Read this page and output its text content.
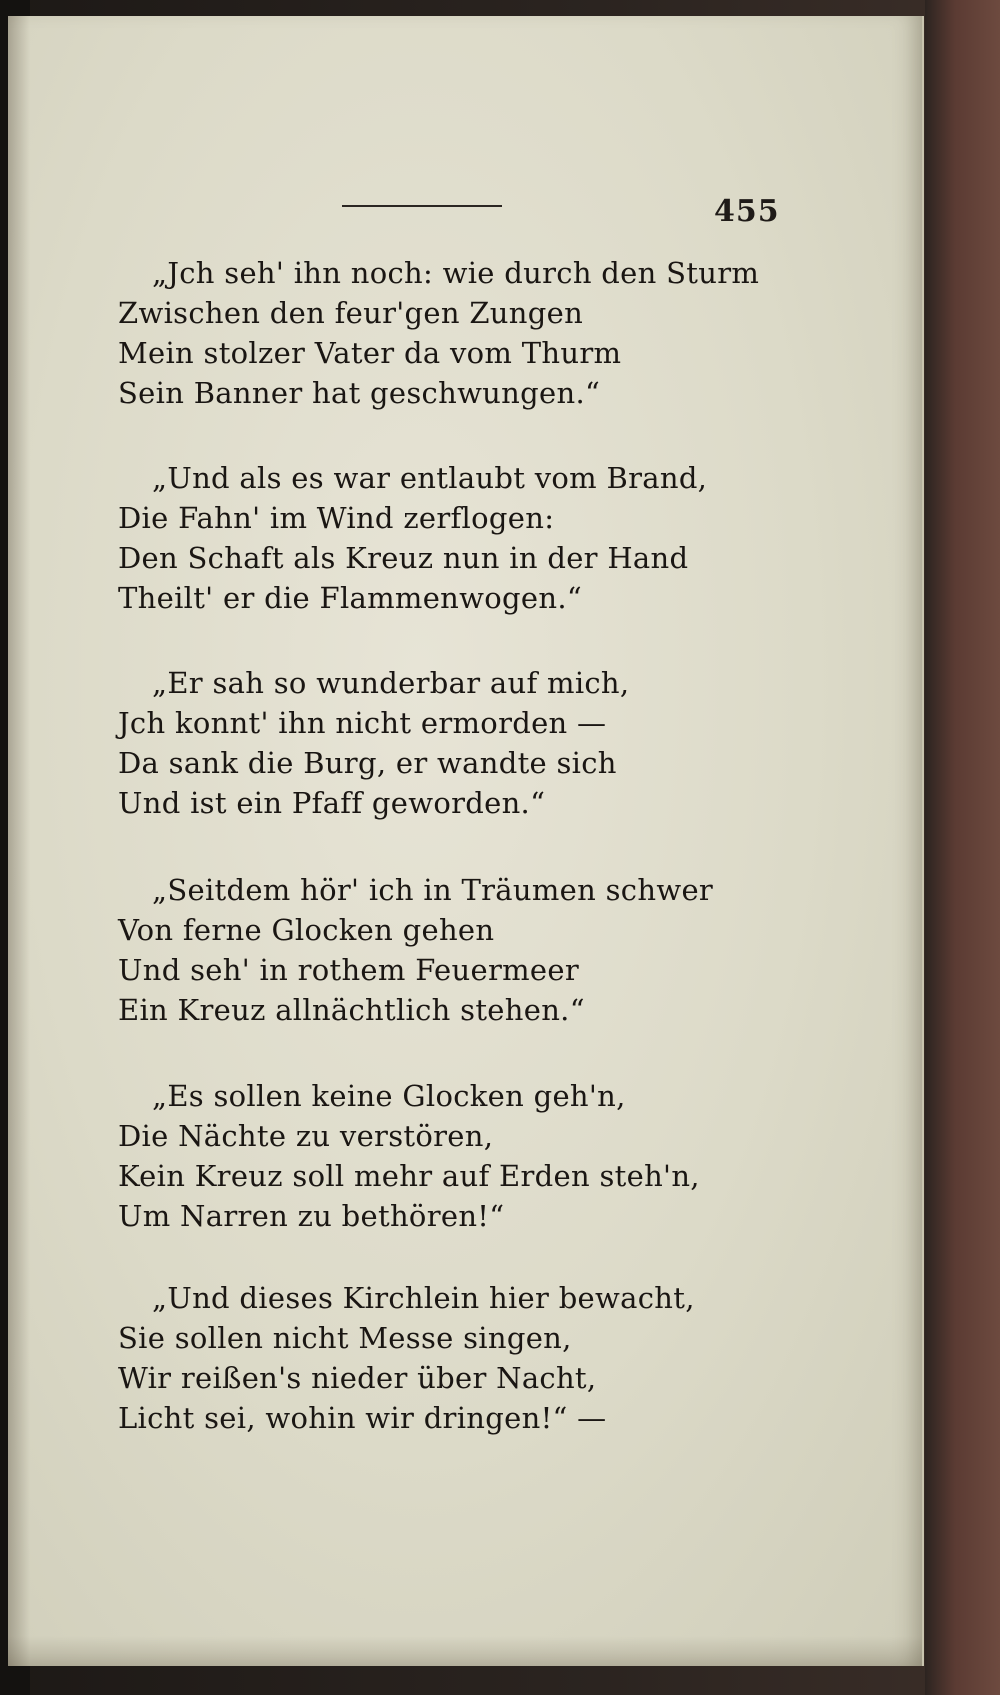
455
„Jch seh' ihn noch: wie durch den Sturm
Zwischen den feur'gen Zungen
Mein stolzer Vater da vom Thurm
Sein Banner hat geschwungen.“
„Und als es war entlaubt vom Brand,
Die Fahn' im Wind zerflogen:
Den Schaft als Kreuz nun in der Hand
Theilt' er die Flammenwogen.“
„Er sah so wunderbar auf mich,
Jch konnt' ihn nicht ermorden —
Da sank die Burg, er wandte sich
Und ist ein Pfaff geworden.“
„Seitdem hör' ich in Träumen schwer
Von ferne Glocken gehen
Und seh' in rothem Feuermeer
Ein Kreuz allnächtlich stehen.“
„Es sollen keine Glocken geh'n,
Die Nächte zu verstören,
Kein Kreuz soll mehr auf Erden steh'n,
Um Narren zu bethören!“
„Und dieses Kirchlein hier bewacht,
Sie sollen nicht Messe singen,
Wir reißen's nieder über Nacht,
Licht sei, wohin wir dringen!“ —
